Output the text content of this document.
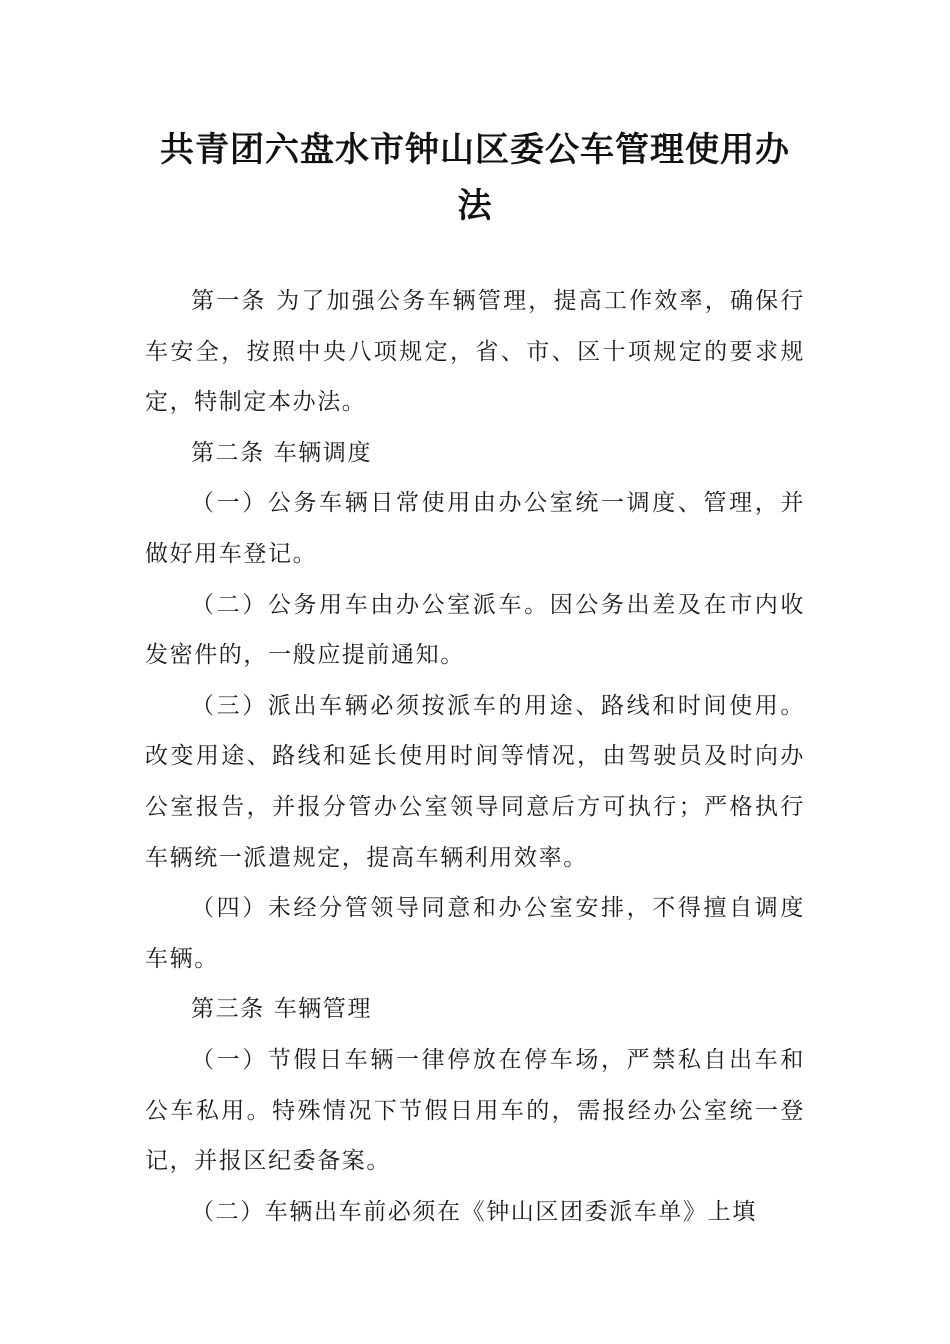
共青团六盘水市钟山区委公车管理使用办法

第一条 为了加强公务车辆管理，提高工作效率，确保行车安全，按照中央八项规定，省、市、区十项规定的要求规定，特制定本办法。

第二条 车辆调度

（一）公务车辆日常使用由办公室统一调度、管理，并做好用车登记。

（二）公务用车由办公室派车。因公务出差及在市内收发密件的，一般应提前通知。

（三）派出车辆必须按派车的用途、路线和时间使用。改变用途、路线和延长使用时间等情况，由驾驶员及时向办公室报告，并报分管办公室领导同意后方可执行；严格执行车辆统一派遣规定，提高车辆利用效率。

（四）未经分管领导同意和办公室安排，不得擅自调度车辆。

第三条 车辆管理

（一）节假日车辆一律停放在停车场，严禁私自出车和公车私用。特殊情况下节假日用车的，需报经办公室统一登记，并报区纪委备案。

（二）车辆出车前必须在《钟山区团委派车单》上填
